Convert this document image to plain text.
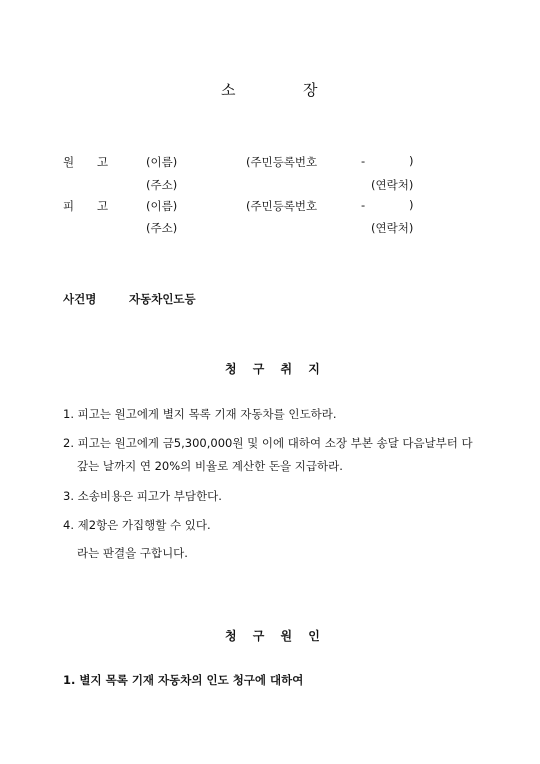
소	장
원 고	(이름)	(주민등록번호	-	)
(주소)	(연락처)
피 고	(이름)	(주민등록번호	-	)
(주소)	(연락처)
사건명	자동차인도등
청 구 취 지
1. 피고는 원고에게 별지 목록 기재 자동차를 인도하라.
2. 피고는 원고에게 금5,300,000원 및 이에 대하여 소장 부본 송달 다음날부터 다
갚는 날까지 연 20%의 비율로 계산한 돈을 지급하라.
3. 소송비용은 피고가 부담한다.
4. 제2항은 가집행할 수 있다.
라는 판결을 구합니다.
청 구 원 인
1. 별지 목록 기재 자동차의 인도 청구에 대하여
